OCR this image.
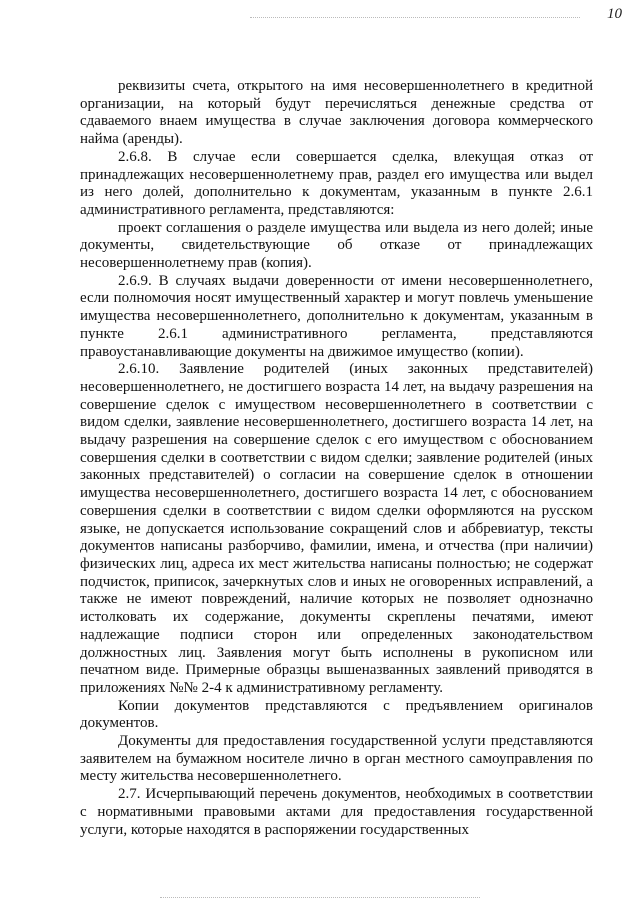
10

реквизиты счета, открытого на имя несовершеннолетнего в кредитной организации, на который будут перечисляться денежные средства от сдаваемого внаем имущества в случае заключения договора коммерческого найма (аренды).

2.6.8. В случае если совершается сделка, влекущая отказ от принадлежащих несовершеннолетнему прав, раздел его имущества или выдел из него долей, дополнительно к документам, указанным в пункте 2.6.1 административного регламента, представляются:

проект соглашения о разделе имущества или выдела из него долей; иные документы, свидетельствующие об отказе от принадлежащих несовершеннолетнему прав (копия).

2.6.9. В случаях выдачи доверенности от имени несовершеннолетнего, если полномочия носят имущественный характер и могут повлечь уменьшение имущества несовершеннолетнего, дополнительно к документам, указанным в пункте 2.6.1 административного регламента, представляются правоустанавливающие документы на движимое имущество (копии).

2.6.10. Заявление родителей (иных законных представителей) несовершеннолетнего, не достигшего возраста 14 лет, на выдачу разрешения на совершение сделок с имуществом несовершеннолетнего в соответствии с видом сделки, заявление несовершеннолетнего, достигшего возраста 14 лет, на выдачу разрешения на совершение сделок с его имуществом с обоснованием совершения сделки в соответствии с видом сделки; заявление родителей (иных законных представителей) о согласии на совершение сделок в отношении имущества несовершеннолетнего, достигшего возраста 14 лет, с обоснованием совершения сделки в соответствии с видом сделки оформляются на русском языке, не допускается использование сокращений слов и аббревиатур, тексты документов написаны разборчиво, фамилии, имена, и отчества (при наличии) физических лиц, адреса их мест жительства написаны полностью; не содержат подчисток, приписок, зачеркнутых слов и иных не оговоренных исправлений, а также не имеют повреждений, наличие которых не позволяет однозначно истолковать их содержание, документы скреплены печатями, имеют надлежащие подписи сторон или определенных законодательством должностных лиц. Заявления могут быть исполнены в рукописном или печатном виде. Примерные образцы вышеназванных заявлений приводятся в приложениях №№ 2-4 к административному регламенту.

Копии документов представляются с предъявлением оригиналов документов.

Документы для предоставления государственной услуги представляются заявителем на бумажном носителе лично в орган местного самоуправления по месту жительства несовершеннолетнего.

2.7. Исчерпывающий перечень документов, необходимых в соответствии с нормативными правовыми актами для предоставления государственной услуги, которые находятся в распоряжении государственных
